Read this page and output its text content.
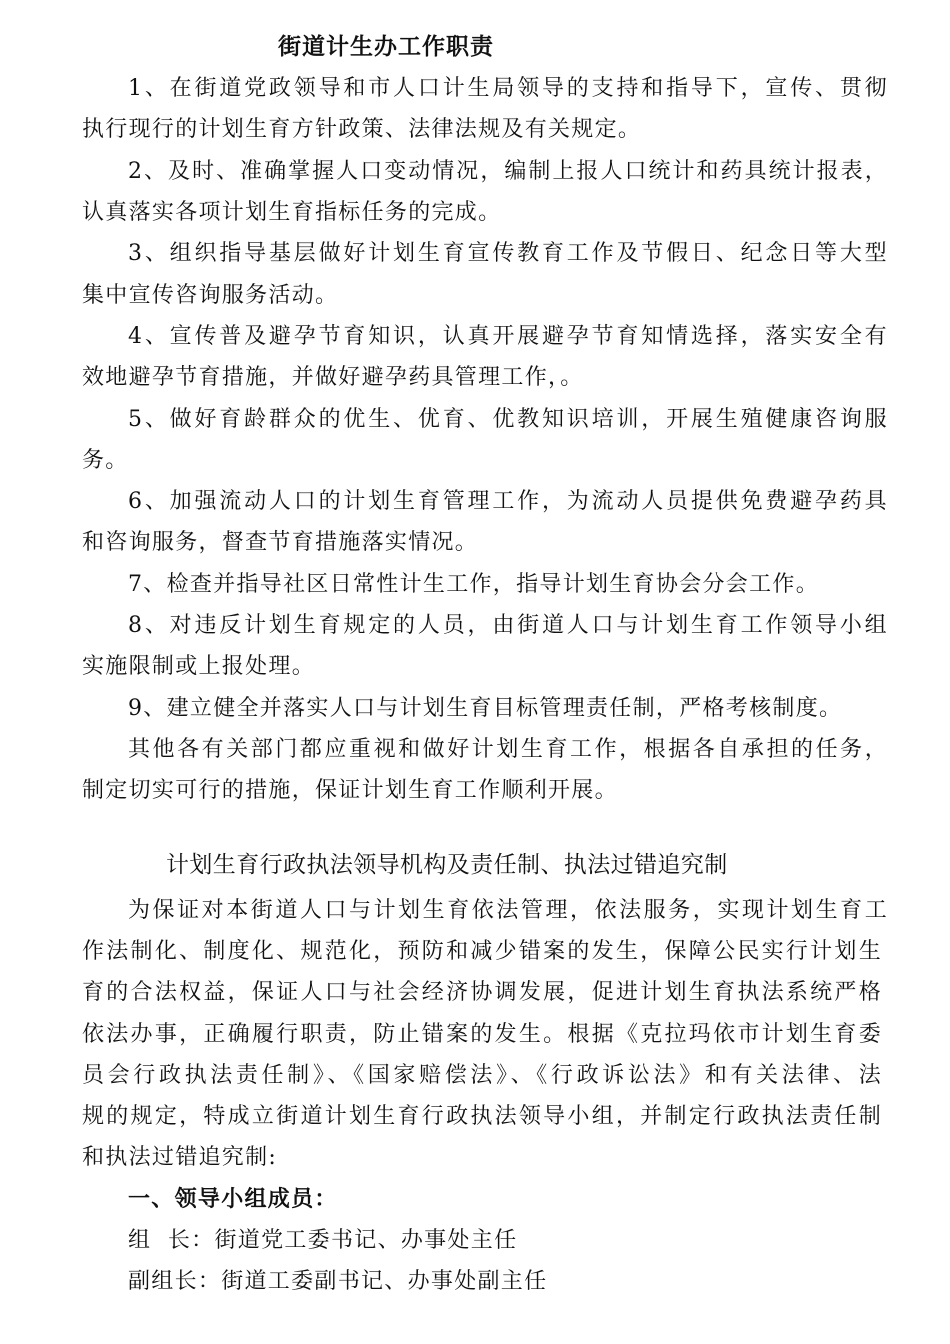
街道计生办工作职责
1、在街道党政领导和市人口计生局领导的支持和指导下，宣传、贯彻
执行现行的计划生育方针政策、法律法规及有关规定。
2、及时、准确掌握人口变动情况，编制上报人口统计和药具统计报表，
认真落实各项计划生育指标任务的完成。
3、组织指导基层做好计划生育宣传教育工作及节假日、纪念日等大型
集中宣传咨询服务活动。
4、宣传普及避孕节育知识，认真开展避孕节育知情选择，落实安全有
效地避孕节育措施，并做好避孕药具管理工作，。
5、做好育龄群众的优生、优育、优教知识培训，开展生殖健康咨询服
务。
6、加强流动人口的计划生育管理工作，为流动人员提供免费避孕药具
和咨询服务，督查节育措施落实情况。
7、检查并指导社区日常性计生工作，指导计划生育协会分会工作。
8、对违反计划生育规定的人员，由街道人口与计划生育工作领导小组
实施限制或上报处理。
9、建立健全并落实人口与计划生育目标管理责任制，严格考核制度。
其他各有关部门都应重视和做好计划生育工作，根据各自承担的任务，
制定切实可行的措施，保证计划生育工作顺利开展。
计划生育行政执法领导机构及责任制、执法过错追究制
为保证对本街道人口与计划生育依法管理，依法服务，实现计划生育工
作法制化、制度化、规范化，预防和减少错案的发生，保障公民实行计划生
育的合法权益，保证人口与社会经济协调发展，促进计划生育执法系统严格
依法办事，正确履行职责，防止错案的发生。根据《克拉玛依市计划生育委
员会行政执法责任制》、《国家赔偿法》、《行政诉讼法》和有关法律、法
规的规定，特成立街道计划生育行政执法领导小组，并制定行政执法责任制
和执法过错追究制:
一、领导小组成员：
组  长：街道党工委书记、办事处主任
副组长：街道工委副书记、办事处副主任
